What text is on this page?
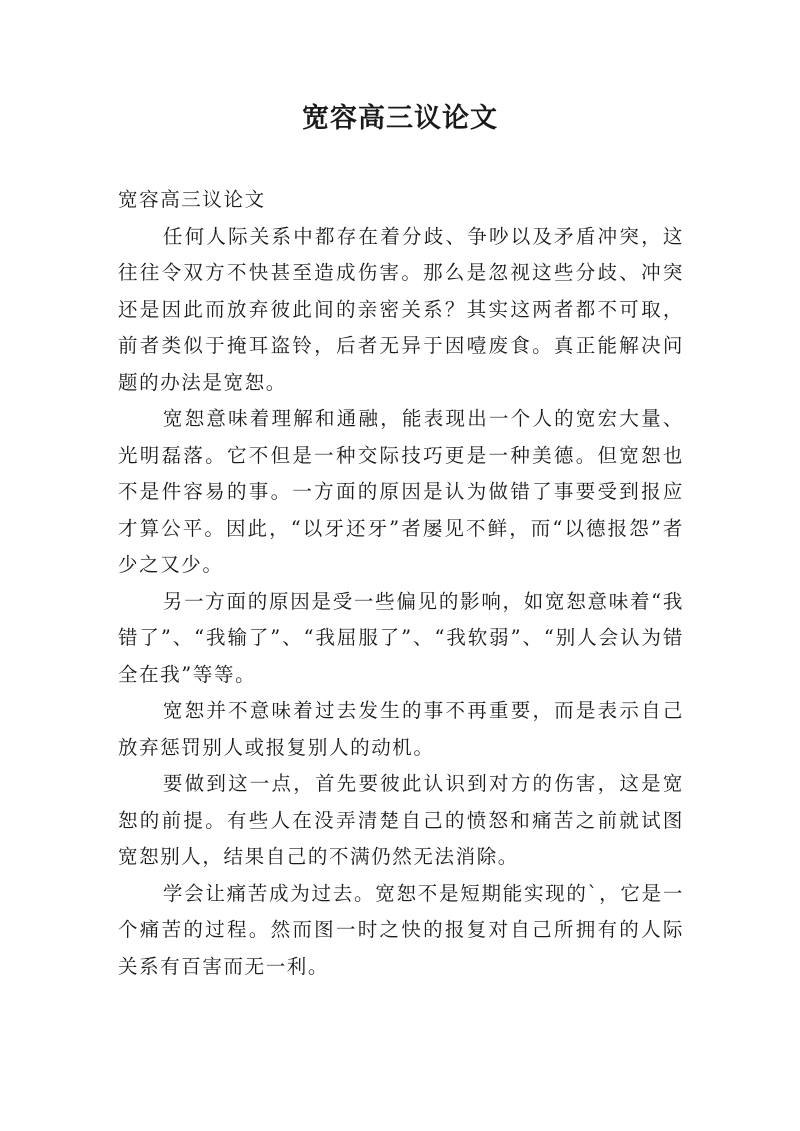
宽容高三议论文

宽容高三议论文

任何人际关系中都存在着分歧、争吵以及矛盾冲突，这往往令双方不快甚至造成伤害。那么是忽视这些分歧、冲突还是因此而放弃彼此间的亲密关系？其实这两者都不可取，前者类似于掩耳盗铃，后者无异于因噎废食。真正能解决问题的办法是宽恕。

宽恕意味着理解和通融，能表现出一个人的宽宏大量、光明磊落。它不但是一种交际技巧更是一种美德。但宽恕也不是件容易的事。一方面的原因是认为做错了事要受到报应才算公平。因此，“以牙还牙”者屡见不鲜，而“以德报怨”者少之又少。

另一方面的原因是受一些偏见的影响，如宽恕意味着“我错了”、“我输了”、“我屈服了”、“我软弱”、“别人会认为错全在我”等等。

宽恕并不意味着过去发生的事不再重要，而是表示自己放弃惩罚别人或报复别人的动机。

要做到这一点，首先要彼此认识到对方的伤害，这是宽恕的前提。有些人在没弄清楚自己的愤怒和痛苦之前就试图宽恕别人，结果自己的不满仍然无法消除。

学会让痛苦成为过去。宽恕不是短期能实现的`，它是一个痛苦的过程。然而图一时之快的报复对自己所拥有的人际关系有百害而无一利。
